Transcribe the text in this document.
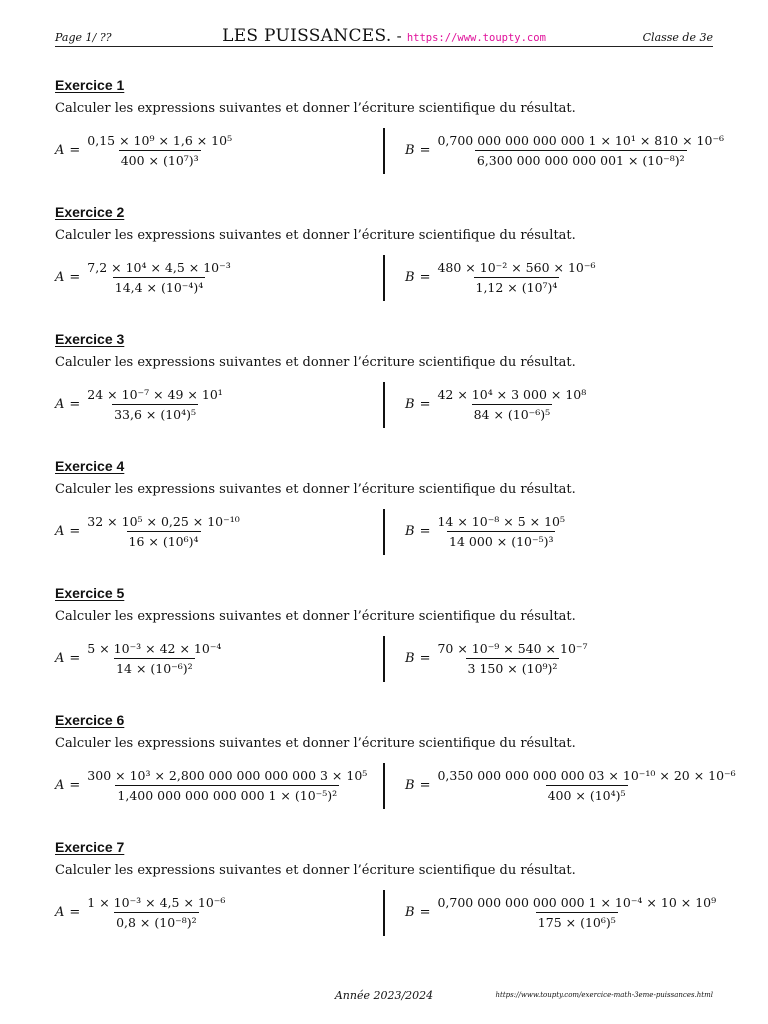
Page 1/ ??	LES PUISSANCES. - https://www.toupty.com	Classe de 3e
Exercice 1
Calculer les expressions suivantes et donner l’écriture scientifique du résultat.
$A = \frac{\text{0,15 × 10⁹ × 1,6 × 10⁵}}{\text{400 × (10⁷)³}}$	$B = \frac{\text{0,700 000 000 000 000 1 × 10¹ × 810 × 10⁻⁶}}{\text{6,300 000 000 000 001 × (10⁻⁸)²}}$
Exercice 2
Calculer les expressions suivantes et donner l’écriture scientifique du résultat.
$A = \frac{\text{7,2 × 10⁴ × 4,5 × 10⁻³}}{\text{14,4 × (10⁻⁴)⁴}}$	$B = \frac{\text{480 × 10⁻² × 560 × 10⁻⁶}}{\text{1,12 × (10⁷)⁴}}$
Exercice 3
Calculer les expressions suivantes et donner l’écriture scientifique du résultat.
$A = \frac{\text{24 × 10⁻⁷ × 49 × 10¹}}{\text{33,6 × (10⁴)⁵}}$	$B = \frac{\text{42 × 10⁴ × 3 000 × 10⁸}}{\text{84 × (10⁻⁶)⁵}}$
Exercice 4
Calculer les expressions suivantes et donner l’écriture scientifique du résultat.
$A = \frac{\text{32 × 10⁵ × 0,25 × 10⁻¹⁰}}{\text{16 × (10⁶)⁴}}$	$B = \frac{\text{14 × 10⁻⁸ × 5 × 10⁵}}{\text{14 000 × (10⁻⁵)³}}$
Exercice 5
Calculer les expressions suivantes et donner l’écriture scientifique du résultat.
$A = \frac{\text{5 × 10⁻³ × 42 × 10⁻⁴}}{\text{14 × (10⁻⁶)²}}$	$B = \frac{\text{70 × 10⁻⁹ × 540 × 10⁻⁷}}{\text{3 150 × (10⁹)²}}$
Exercice 6
Calculer les expressions suivantes et donner l’écriture scientifique du résultat.
$A = \frac{\text{300 × 10³ × 2,800 000 000 000 000 3 × 10⁵}}{\text{1,400 000 000 000 000 1 × (10⁻⁵)²}}$	$B = \frac{\text{0,350 000 000 000 000 03 × 10⁻¹⁰ × 20 × 10⁻⁶}}{\text{400 × (10⁴)⁵}}$
Exercice 7
Calculer les expressions suivantes et donner l’écriture scientifique du résultat.
$A = \frac{\text{1 × 10⁻³ × 4,5 × 10⁻⁶}}{\text{0,8 × (10⁻⁸)²}}$	$B = \frac{\text{0,700 000 000 000 000 1 × 10⁻⁴ × 10 × 10⁹}}{\text{175 × (10⁶)⁵}}$
Année 2023/2024	https://www.toupty.com/exercice-math-3eme-puissances.html
